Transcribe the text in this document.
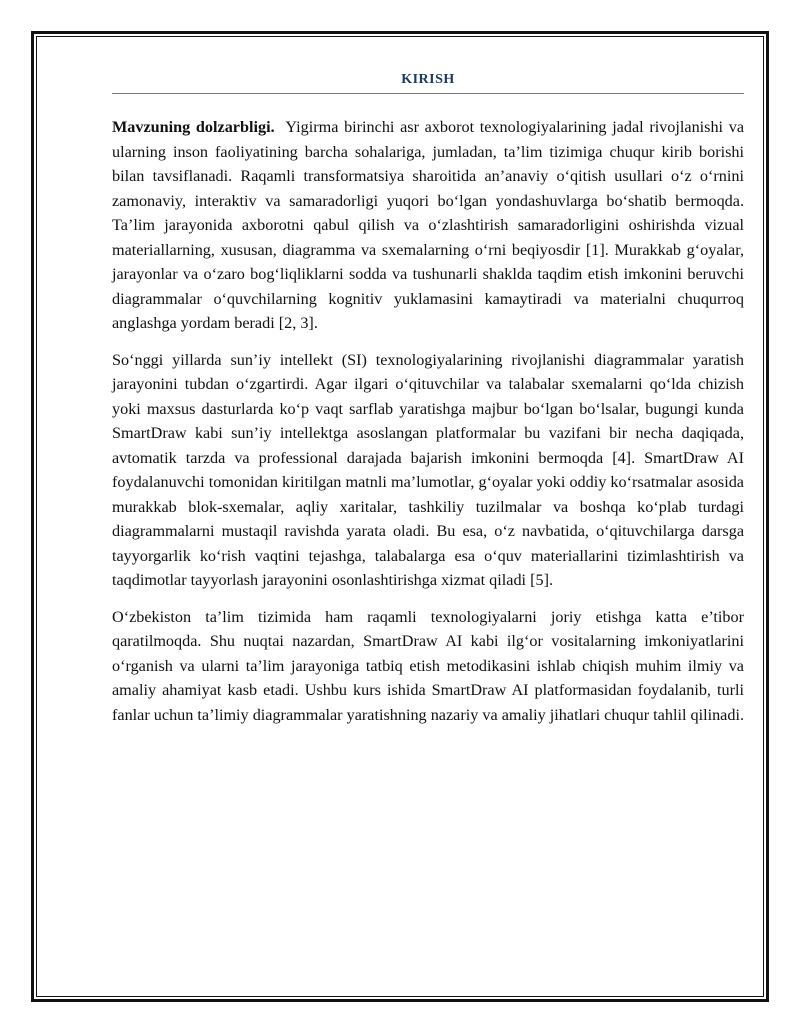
KIRISH

Mavzuning dolzarbligi.  Yigirma birinchi asr axborot texnologiyalarining jadal rivojlanishi va ularning inson faoliyatining barcha sohalariga, jumladan, ta’lim tizimiga chuqur kirib borishi bilan tavsiflanadi. Raqamli transformatsiya sharoitida an’anaviy o‘qitish usullari o‘z o‘rnini zamonaviy, interaktiv va samaradorligi yuqori bo‘lgan yondashuvlarga bo‘shatib bermoqda. Ta’lim jarayonida axborotni qabul qilish va o‘zlashtirish samaradorligini oshirishda vizual materiallarning, xususan, diagramma va sxemalarning o‘rni beqiyosdir [1]. Murakkab g‘oyalar, jarayonlar va o‘zaro bog‘liqliklarni sodda va tushunarli shaklda taqdim etish imkonini beruvchi diagrammalar o‘quvchilarning kognitiv yuklamasini kamaytiradi va materialni chuqurroq anglashga yordam beradi [2, 3].

So‘nggi yillarda sun’iy intellekt (SI) texnologiyalarining rivojlanishi diagrammalar yaratish jarayonini tubdan o‘zgartirdi. Agar ilgari o‘qituvchilar va talabalar sxemalarni qo‘lda chizish yoki maxsus dasturlarda ko‘p vaqt sarflab yaratishga majbur bo‘lgan bo‘lsalar, bugungi kunda SmartDraw kabi sun’iy intellektga asoslangan platformalar bu vazifani bir necha daqiqada, avtomatik tarzda va professional darajada bajarish imkonini bermoqda [4]. SmartDraw AI foydalanuvchi tomonidan kiritilgan matnli ma’lumotlar, g‘oyalar yoki oddiy ko‘rsatmalar asosida murakkab blok-sxemalar, aqliy xaritalar, tashkiliy tuzilmalar va boshqa ko‘plab turdagi diagrammalarni mustaqil ravishda yarata oladi. Bu esa, o‘z navbatida, o‘qituvchilarga darsga tayyorgarlik ko‘rish vaqtini tejashga, talabalarga esa o‘quv materiallarini tizimlashtirish va taqdimotlar tayyorlash jarayonini osonlashtirishga xizmat qiladi [5].

O‘zbekiston ta’lim tizimida ham raqamli texnologiyalarni joriy etishga katta e’tibor qaratilmoqda. Shu nuqtai nazardan, SmartDraw AI kabi ilg‘or vositalarning imkoniyatlarini o‘rganish va ularni ta’lim jarayoniga tatbiq etish metodikasini ishlab chiqish muhim ilmiy va amaliy ahamiyat kasb etadi. Ushbu kurs ishida SmartDraw AI platformasidan foydalanib, turli fanlar uchun ta’limiy diagrammalar yaratishning nazariy va amaliy jihatlari chuqur tahlil qilinadi.
